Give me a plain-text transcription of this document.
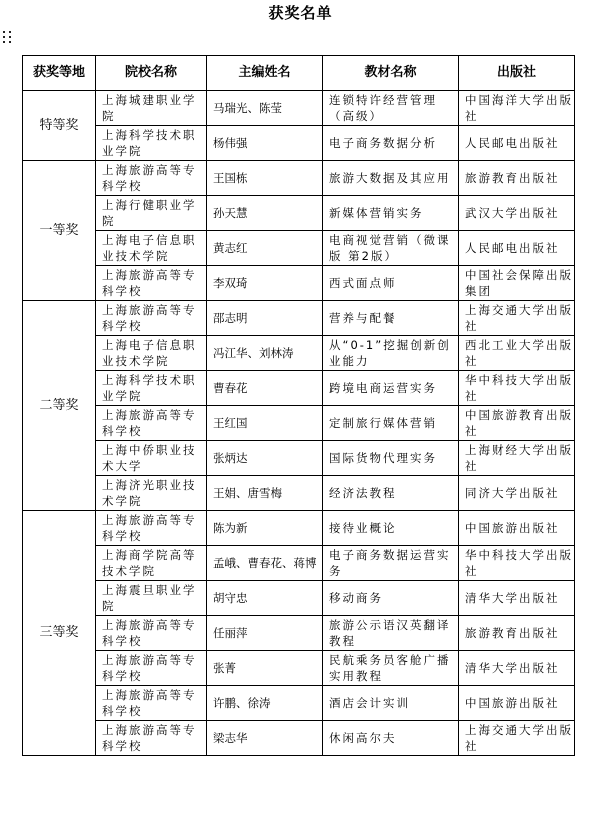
获奖名单
获奖等地	院校名称	主编姓名	教材名称	出版社
特等奖	上海城建职业学院	马瑞光、陈莹	连锁特许经营管理（高级）	中国海洋大学出版社
	上海科学技术职业学院	杨伟强	电子商务数据分析	人民邮电出版社
一等奖	上海旅游高等专科学校	王国栋	旅游大数据及其应用	旅游教育出版社
	上海行健职业学院	孙天慧	新媒体营销实务	武汉大学出版社
	上海电子信息职业技术学院	黄志红	电商视觉营销（微课版 第2版）	人民邮电出版社
	上海旅游高等专科学校	李双琦	西式面点师	中国社会保障出版集团
二等奖	上海旅游高等专科学校	邵志明	营养与配餐	上海交通大学出版社
	上海电子信息职业技术学院	冯江华、刘林涛	从“0-1”挖掘创新创业能力	西北工业大学出版社
	上海科学技术职业学院	曹春花	跨境电商运营实务	华中科技大学出版社
	上海旅游高等专科学校	王红国	定制旅行媒体营销	中国旅游教育出版社
	上海中侨职业技术大学	张炳达	国际货物代理实务	上海财经大学出版社
	上海济光职业技术学院	王娟、唐雪梅	经济法教程	同济大学出版社
三等奖	上海旅游高等专科学校	陈为新	接待业概论	中国旅游出版社
	上海商学院高等技术学院	孟峨、曹春花、蒋博	电子商务数据运营实务	华中科技大学出版社
	上海震旦职业学院	胡守忠	移动商务	清华大学出版社
	上海旅游高等专科学校	任丽萍	旅游公示语汉英翻译教程	旅游教育出版社
	上海旅游高等专科学校	张菁	民航乘务员客舱广播实用教程	清华大学出版社
	上海旅游高等专科学校	许鹏、徐涛	酒店会计实训	中国旅游出版社
	上海旅游高等专科学校	梁志华	休闲高尔夫	上海交通大学出版社
